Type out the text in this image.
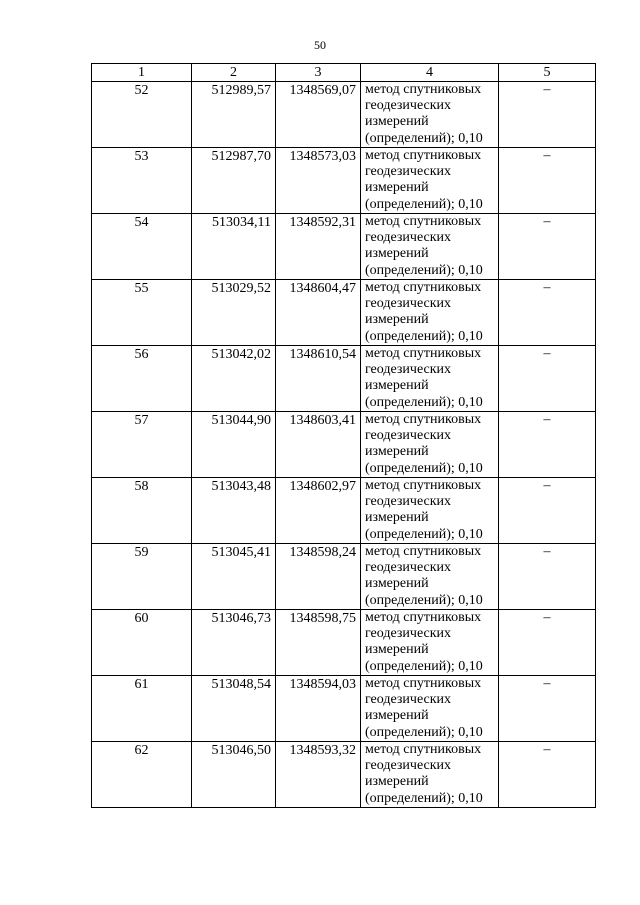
50
1	2	3	4	5
52	512989,57	1348569,07	метод спутниковых
геодезических
измерений
(определений); 0,10	–
53	512987,70	1348573,03	метод спутниковых
геодезических
измерений
(определений); 0,10	–
54	513034,11	1348592,31	метод спутниковых
геодезических
измерений
(определений); 0,10	–
55	513029,52	1348604,47	метод спутниковых
геодезических
измерений
(определений); 0,10	–
56	513042,02	1348610,54	метод спутниковых
геодезических
измерений
(определений); 0,10	–
57	513044,90	1348603,41	метод спутниковых
геодезических
измерений
(определений); 0,10	–
58	513043,48	1348602,97	метод спутниковых
геодезических
измерений
(определений); 0,10	–
59	513045,41	1348598,24	метод спутниковых
геодезических
измерений
(определений); 0,10	–
60	513046,73	1348598,75	метод спутниковых
геодезических
измерений
(определений); 0,10	–
61	513048,54	1348594,03	метод спутниковых
геодезических
измерений
(определений); 0,10	–
62	513046,50	1348593,32	метод спутниковых
геодезических
измерений
(определений); 0,10	–
